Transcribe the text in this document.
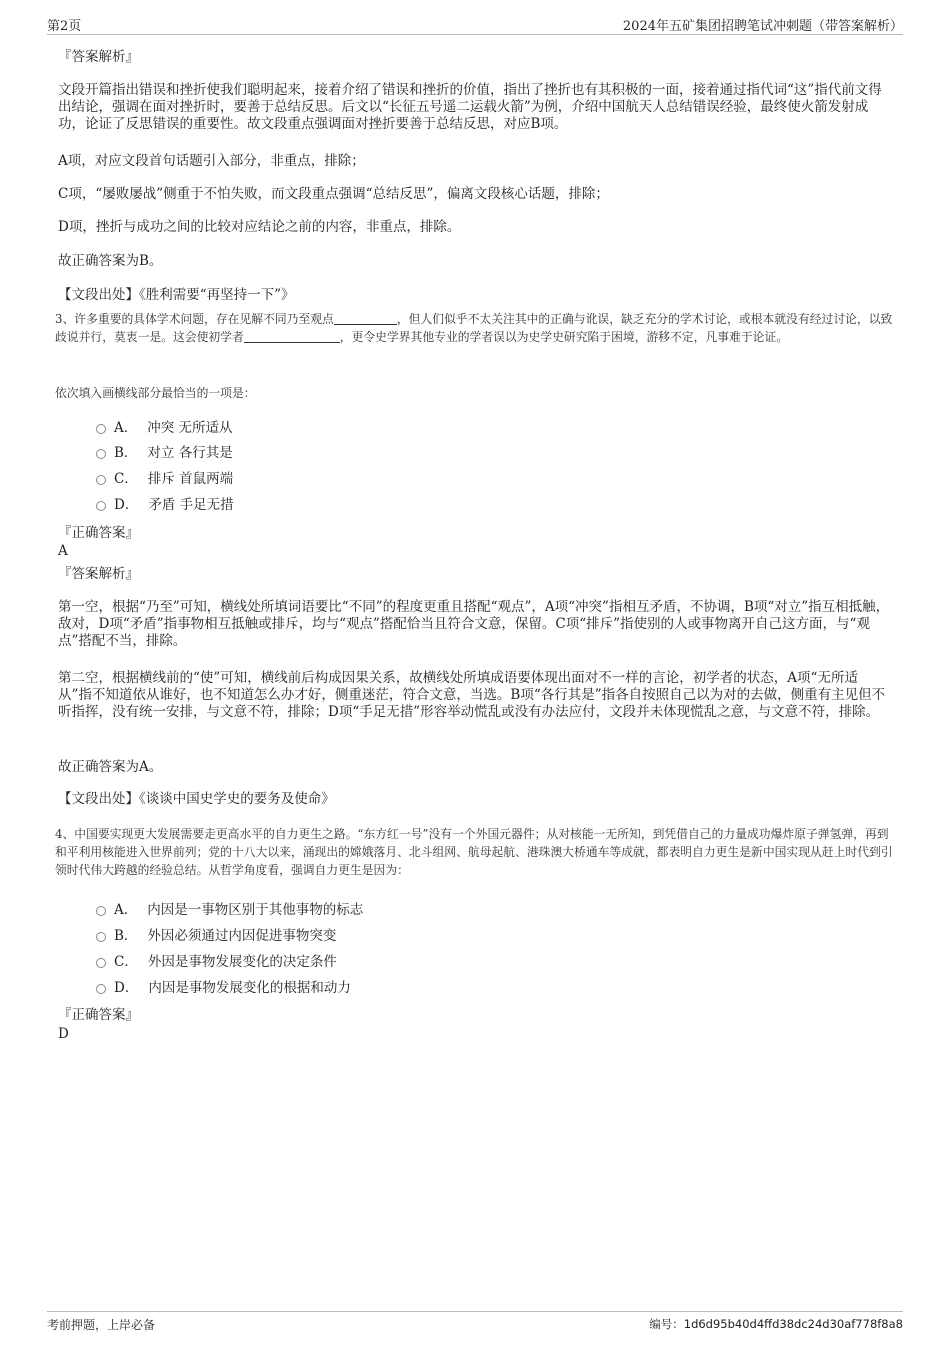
第2页	2024年五矿集团招聘笔试冲刺题（带答案解析）

『答案解析』

文段开篇指出错误和挫折使我们聪明起来，接着介绍了错误和挫折的价值，指出了挫折也有其积极的一面，接着通过指代词“这”指代前文得出结论，强调在面对挫折时，要善于总结反思。后文以“长征五号遥二运载火箭”为例，介绍中国航天人总结错误经验，最终使火箭发射成功，论证了反思错误的重要性。故文段重点强调面对挫折要善于总结反思，对应B项。

A项，对应文段首句话题引入部分，非重点，排除；

C项，“屡败屡战”侧重于不怕失败，而文段重点强调“总结反思”，偏离文段核心话题，排除；

D项，挫折与成功之间的比较对应结论之前的内容，非重点，排除。

故正确答案为B。

【文段出处】《胜利需要“再坚持一下”》

3、许多重要的具体学术问题，存在见解不同乃至观点	，但人们似乎不太关注其中的正确与讹误，缺乏充分的学术讨论，或根本就没有经过讨论，以致歧说并行，莫衷一是。这会使初学者	，更令史学界其他专业的学者误以为史学史研究陷于困境，游移不定，凡事难于论证。

依次填入画横线部分最恰当的一项是：

A． 冲突 无所适从
B． 对立 各行其是
C． 排斥 首鼠两端
D． 矛盾 手足无措

『正确答案』

A

『答案解析』

第一空，根据“乃至”可知，横线处所填词语要比“不同”的程度更重且搭配“观点”，A项“冲突”指相互矛盾，不协调，B项“对立”指互相抵触，敌对，D项“矛盾”指事物相互抵触或排斥，均与“观点”搭配恰当且符合文意，保留。C项“排斥”指使别的人或事物离开自己这方面，与“观点”搭配不当，排除。

第二空，根据横线前的“使”可知，横线前后构成因果关系，故横线处所填成语要体现出面对不一样的言论，初学者的状态，A项“无所适从”指不知道依从谁好，也不知道怎么办才好，侧重迷茫，符合文意，当选。B项“各行其是”指各自按照自己以为对的去做，侧重有主见但不听指挥，没有统一安排，与文意不符，排除；D项“手足无措”形容举动慌乱或没有办法应付，文段并未体现慌乱之意，与文意不符，排除。

故正确答案为A。

【文段出处】《谈谈中国史学史的要务及使命》

4、中国要实现更大发展需要走更高水平的自力更生之路。“东方红一号”没有一个外国元器件；从对核能一无所知，到凭借自己的力量成功爆炸原子弹氢弹，再到和平利用核能进入世界前列；党的十八大以来，涌现出的嫦娥落月、北斗组网、航母起航、港珠澳大桥通车等成就，都表明自力更生是新中国实现从赶上时代到引领时代伟大跨越的经验总结。从哲学角度看，强调自力更生是因为：

A． 内因是一事物区别于其他事物的标志
B． 外因必须通过内因促进事物突变
C． 外因是事物发展变化的决定条件
D． 内因是事物发展变化的根据和动力

『正确答案』

D

考前押题，上岸必备	编号：1d6d95b40d4ffd38dc24d30af778f8a8
